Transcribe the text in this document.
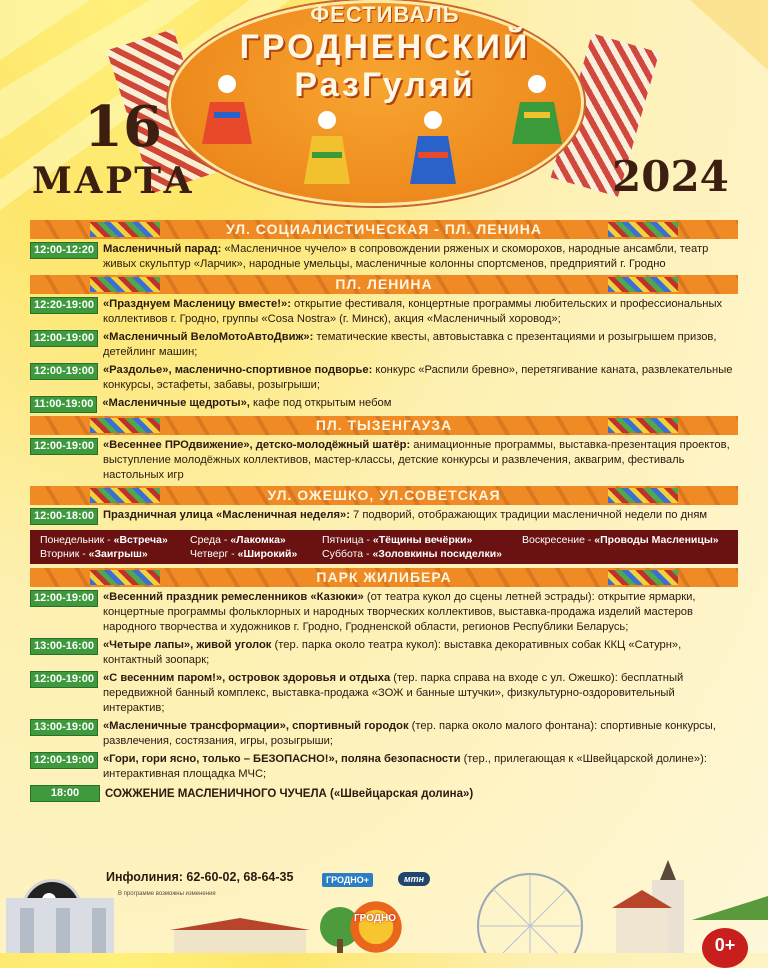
ФЕСТИВАЛЬ
ГРОДНЕНСКИЙ
РазГуляй
16
МАРТА	2024
УЛ. СОЦИАЛИСТИЧЕСКАЯ - ПЛ. ЛЕНИНА
12:00-12:20 Масленичный парад: «Масленичное чучело» в сопровождении ряженых и скоморохов, народные ансамбли, театр живых скульптур «Ларчик», народные умельцы, масленичные колонны спортсменов, предприятий г. Гродно
ПЛ. ЛЕНИНА
12:20-19:00 «Празднуем Масленицу вместе!»: открытие фестиваля, концертные программы любительских и профессиональных коллективов г. Гродно, группы «Cosa Nostra» (г. Минск), акция «Масленичный хоровод»;
12:00-19:00 «Масленичный ВелоМотоАвтоДвиж»: тематические квесты, автовыставка с презентациями и розыгрышем призов, детейлинг машин;
12:00-19:00 «Раздолье», масленично-спортивное подворье: конкурс «Распили бревно», перетягивание каната, развлекательные конкурсы, эстафеты, забавы, розыгрыши;
11:00-19:00 «Масленичные щедроты», кафе под открытым небом
ПЛ. ТЫЗЕНГАУЗА
12:00-19:00 «Весеннее ПРОдвижение», детско-молодёжный шатёр: анимационные программы, выставка-презентация проектов, выступление молодёжных коллективов, мастер-классы, детские конкурсы и развлечения, аквагрим, фестиваль настольных игр
УЛ. ОЖЕШКО, УЛ.СОВЕТСКАЯ
12:00-18:00 Праздничная улица «Масленичная неделя»: 7 подворий, отображающих традиции масленичной недели по дням
Понедельник - «Встреча»	Среда - «Лакомка»	Пятница - «Тёщины вечёрки»	Воскресение - «Проводы Масленицы»
Вторник - «Заигрыш»	Четверг - «Широкий»	Суббота - «Золовкины посиделки»
ПАРК ЖИЛИБЕРА
12:00-19:00 «Весенний праздник ремесленников «Казюки» (от театра кукол до сцены летней эстрады): открытие ярмарки, концертные программы фольклорных и народных творческих коллективов, выставка-продажа изделий мастеров народного творчества и художников г. Гродно, Гродненской области, регионов Республики Беларусь;
13:00-16:00 «Четыре лапы», живой уголок (тер. парка около театра кукол): выставка декоративных собак ККЦ «Сатурн», контактный зоопарк;
12:00-19:00 «С весенним паром!», островок здоровья и отдыха (тер. парка справа на входе с ул. Ожешко): бесплатный передвижной банный комплекс, выставка-продажа «ЗОЖ и банные штучки», физкультурно-оздоровительный интерактив;
13:00-19:00 «Масленичные трансформации», спортивный городок (тер. парка около малого фонтана): спортивные конкурсы, развлечения, состязания, игры, розыгрыши;
12:00-19:00 «Гори, гори ясно, только – БЕЗОПАСНО!», поляна безопасности (тер., прилегающая к «Швейцарской долине»): интерактивная площадка МЧС;
18:00	СОЖЖЕНИЕ МАСЛЕНИЧНОГО ЧУЧЕЛА («Швейцарская долина»)
Инфолиния: 62-60-02, 68-64-35	ГРОДНО+	мтн
В программе возможны изменения
ГРОДНО
0+
